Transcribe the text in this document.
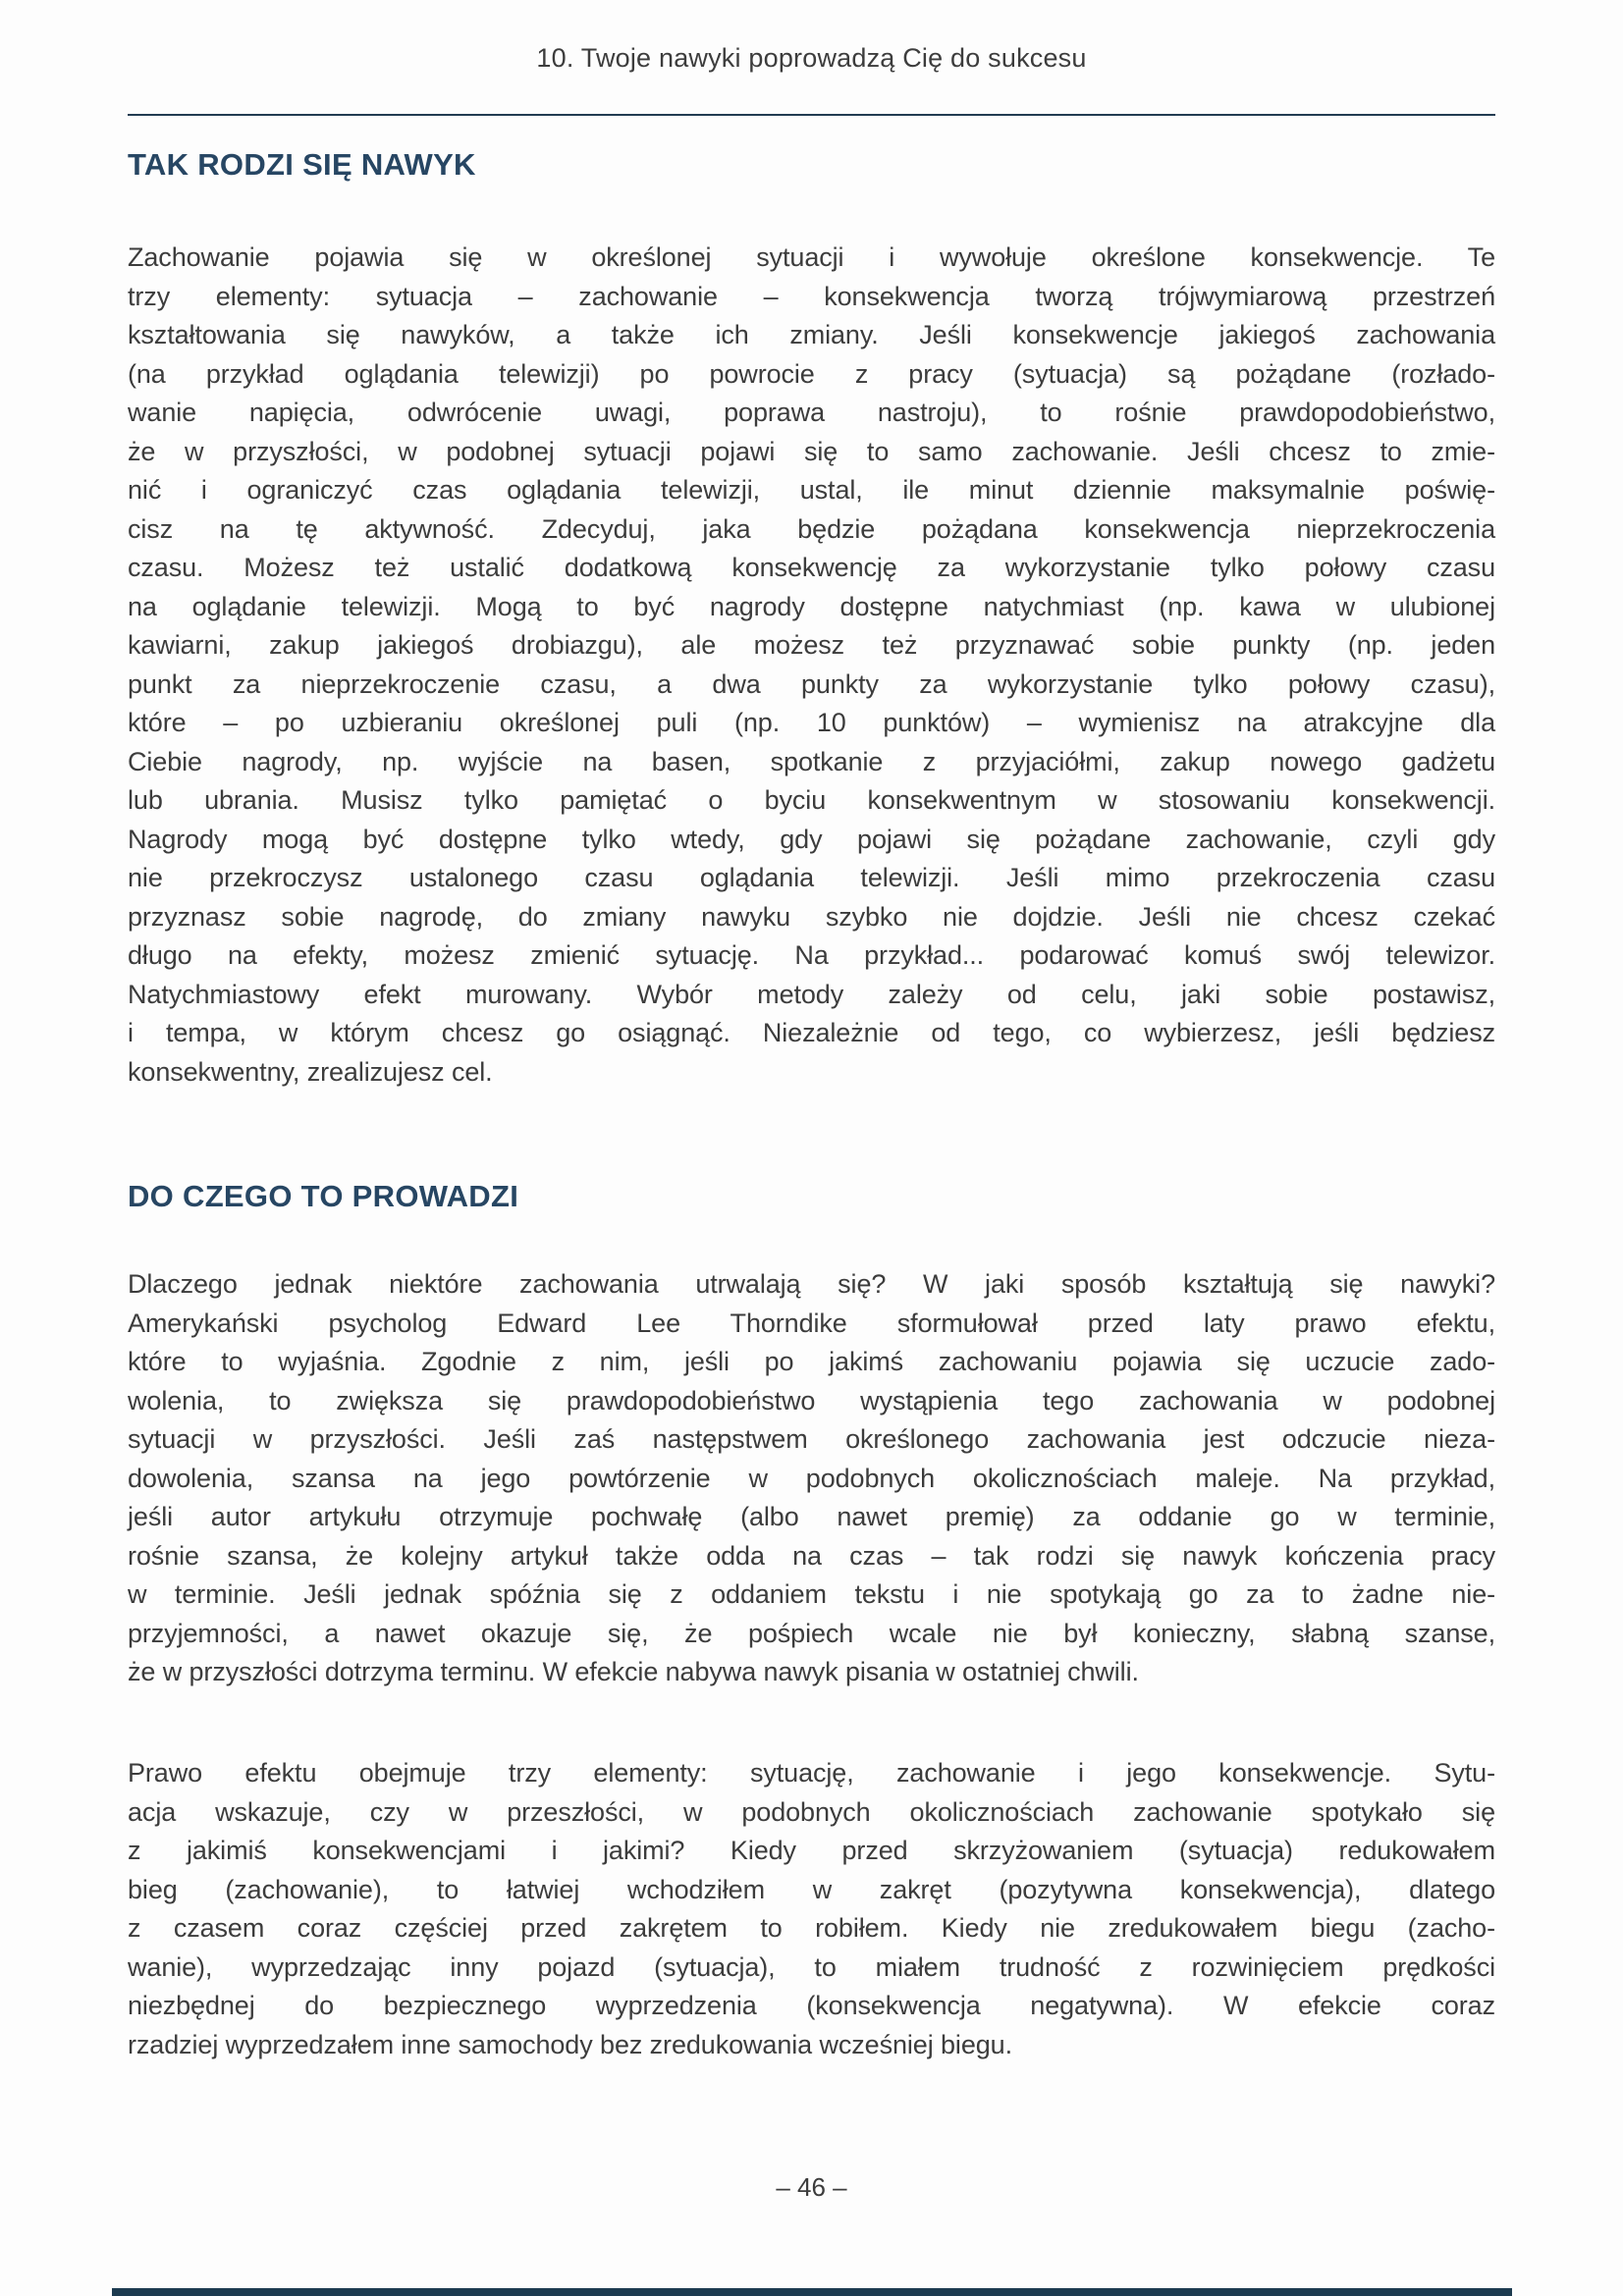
10. Twoje nawyki poprowadzą Cię do sukcesu
TAK RODZI SIĘ NAWYK
Zachowanie pojawia się w określonej sytuacji i wywołuje określone konsekwencje. Te
trzy elementy: sytuacja – zachowanie – konsekwencja tworzą trójwymiarową przestrzeń
kształtowania się nawyków, a także ich zmiany. Jeśli konsekwencje jakiegoś zachowania
(na przykład oglądania telewizji) po powrocie z pracy (sytuacja) są pożądane (rozłado-
wanie napięcia, odwrócenie uwagi, poprawa nastroju), to rośnie prawdopodobieństwo,
że w przyszłości, w podobnej sytuacji pojawi się to samo zachowanie. Jeśli chcesz to zmie-
nić i ograniczyć czas oglądania telewizji, ustal, ile minut dziennie maksymalnie poświę-
cisz na tę aktywność. Zdecyduj, jaka będzie pożądana konsekwencja nieprzekroczenia
czasu. Możesz też ustalić dodatkową konsekwencję za wykorzystanie tylko połowy czasu
na oglądanie telewizji. Mogą to być nagrody dostępne natychmiast (np. kawa w ulubionej
kawiarni, zakup jakiegoś drobiazgu), ale możesz też przyznawać sobie punkty (np. jeden
punkt za nieprzekroczenie czasu, a dwa punkty za wykorzystanie tylko połowy czasu),
które – po uzbieraniu określonej puli (np. 10 punktów) – wymienisz na atrakcyjne dla
Ciebie nagrody, np. wyjście na basen, spotkanie z przyjaciółmi, zakup nowego gadżetu
lub ubrania. Musisz tylko pamiętać o byciu konsekwentnym w stosowaniu konsekwencji.
Nagrody mogą być dostępne tylko wtedy, gdy pojawi się pożądane zachowanie, czyli gdy
nie przekroczysz ustalonego czasu oglądania telewizji. Jeśli mimo przekroczenia czasu
przyznasz sobie nagrodę, do zmiany nawyku szybko nie dojdzie. Jeśli nie chcesz czekać
długo na efekty, możesz zmienić sytuację. Na przykład... podarować komuś swój telewizor.
Natychmiastowy efekt murowany. Wybór metody zależy od celu, jaki sobie postawisz,
i tempa, w którym chcesz go osiągnąć. Niezależnie od tego, co wybierzesz, jeśli będziesz
konsekwentny, zrealizujesz cel.
DO CZEGO TO PROWADZI
Dlaczego jednak niektóre zachowania utrwalają się? W jaki sposób kształtują się nawyki?
Amerykański psycholog Edward Lee Thorndike sformułował przed laty prawo efektu,
które to wyjaśnia. Zgodnie z nim, jeśli po jakimś zachowaniu pojawia się uczucie zado-
wolenia, to zwiększa się prawdopodobieństwo wystąpienia tego zachowania w podobnej
sytuacji w przyszłości. Jeśli zaś następstwem określonego zachowania jest odczucie nieza-
dowolenia, szansa na jego powtórzenie w podobnych okolicznościach maleje. Na przykład,
jeśli autor artykułu otrzymuje pochwałę (albo nawet premię) za oddanie go w terminie,
rośnie szansa, że kolejny artykuł także odda na czas – tak rodzi się nawyk kończenia pracy
w terminie. Jeśli jednak spóźnia się z oddaniem tekstu i nie spotykają go za to żadne nie-
przyjemności, a nawet okazuje się, że pośpiech wcale nie był konieczny, słabną szanse,
że w przyszłości dotrzyma terminu. W efekcie nabywa nawyk pisania w ostatniej chwili.
Prawo efektu obejmuje trzy elementy: sytuację, zachowanie i jego konsekwencje. Sytu-
acja wskazuje, czy w przeszłości, w podobnych okolicznościach zachowanie spotykało się
z jakimiś konsekwencjami i jakimi? Kiedy przed skrzyżowaniem (sytuacja) redukowałem
bieg (zachowanie), to łatwiej wchodziłem w zakręt (pozytywna konsekwencja), dlatego
z czasem coraz częściej przed zakrętem to robiłem. Kiedy nie zredukowałem biegu (zacho-
wanie), wyprzedzając inny pojazd (sytuacja), to miałem trudność z rozwinięciem prędkości
niezbędnej do bezpiecznego wyprzedzenia (konsekwencja negatywna). W efekcie coraz
rzadziej wyprzedzałem inne samochody bez zredukowania wcześniej biegu.
– 46 –
